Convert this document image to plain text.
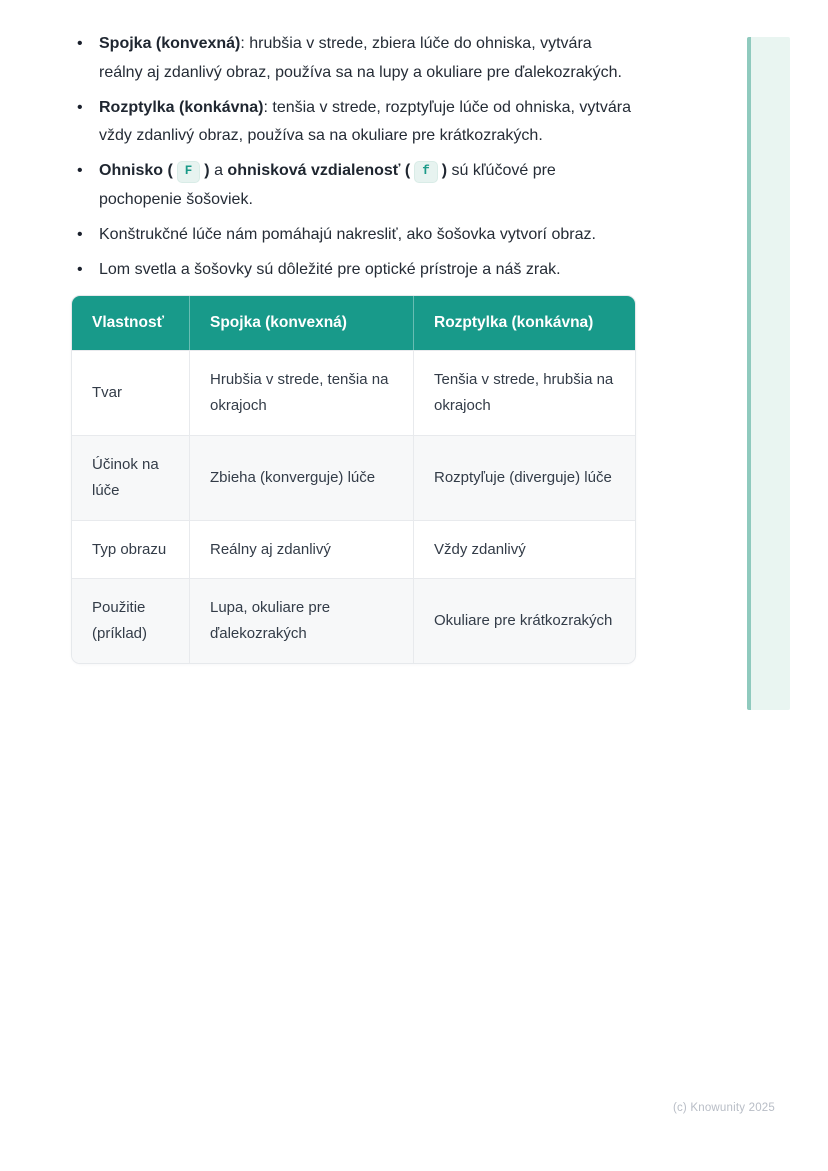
•	Spojka (konvexná): hrubšia v strede, zbiera lúče do ohniska, vytvára reálny aj zdanlivý obraz, používa sa na lupy a okuliare pre ďalekozrakých.
•	Rozptylka (konkávna): tenšia v strede, rozptyľuje lúče od ohniska, vytvára vždy zdanlivý obraz, používa sa na okuliare pre krátkozrakých.
•	Ohnisko ( F ) a ohnisková vzdialenosť ( f ) sú kľúčové pre pochopenie šošoviek.
•	Konštrukčné lúče nám pomáhajú nakresliť, ako šošovka vytvorí obraz.
•	Lom svetla a šošovky sú dôležité pre optické prístroje a náš zrak.
Vlastnosť	Spojka (konvexná)	Rozptylka (konkávna)
Tvar	Hrubšia v strede, tenšia na okrajoch	Tenšia v strede, hrubšia na okrajoch
Účinok na lúče	Zbieha (konverguje) lúče	Rozptyľuje (diverguje) lúče
Typ obrazu	Reálny aj zdanlivý	Vždy zdanlivý
Použitie (príklad)	Lupa, okuliare pre ďalekozrakých	Okuliare pre krátkozrakých
(c) Knowunity 2025
